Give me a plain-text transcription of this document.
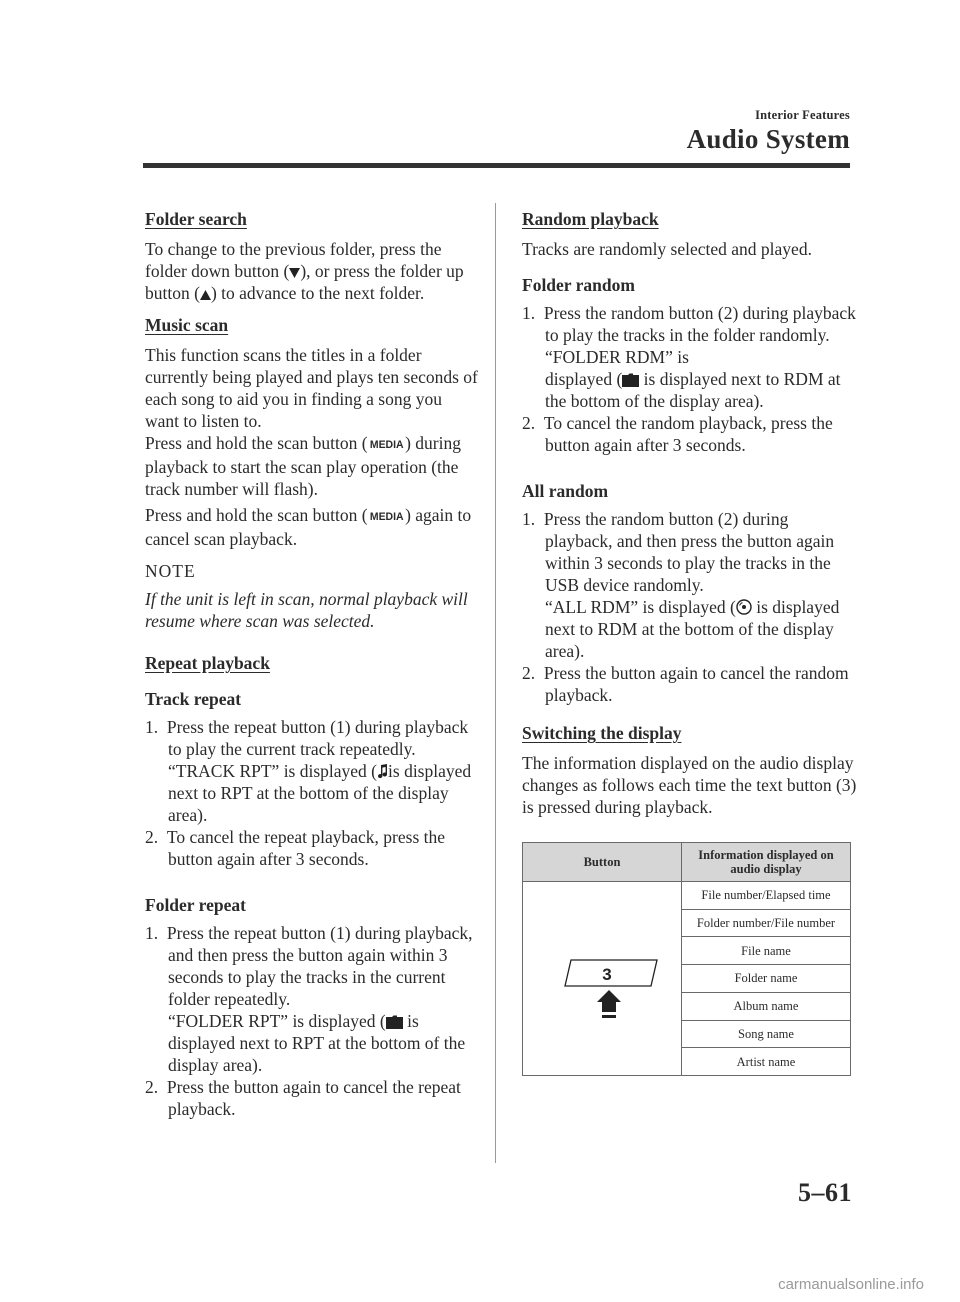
Interior Features
Audio System
Folder search

To change to the previous folder, press the folder down button ( ), or press the folder up button ( ) to advance to the next folder.

Music scan

This function scans the titles in a folder currently being played and plays ten seconds of each song to aid you in finding a song you want to listen to.

Press and hold the scan button ( MEDIA ) during playback to start the scan play operation (the track number will flash).

Press and hold the scan button ( MEDIA ) again to cancel scan playback.

NOTE
If the unit is left in scan, normal playback will resume where scan was selected.
Repeat playback
Track repeat
1. Press the repeat button (1) during playback to play the current track repeatedly. “TRACK RPT” is displayed ( is displayed next to RPT at the bottom of the display area).
2. To cancel the repeat playback, press the button again after 3 seconds.
Folder repeat
1. Press the repeat button (1) during playback, and then press the button again within 3 seconds to play the tracks in the current folder repeatedly.
“FOLDER RPT” is displayed ( is displayed next to RPT at the bottom of the display area).
2. Press the button again to cancel the repeat playback.
Random playback

Tracks are randomly selected and played.

Folder random
1. Press the random button (2) during playback to play the tracks in the folder randomly. “FOLDER RDM” is
displayed ( is displayed next to RDM at the bottom of the display area).
2. To cancel the random playback, press the button again after 3 seconds.
All random
1. Press the random button (2) during playback, and then press the button again within 3 seconds to play the tracks in the USB device randomly.
“ALL RDM” is displayed ( is displayed next to RDM at the bottom of the display area).
2. Press the button again to cancel the random playback.
Switching the display

The information displayed on the audio display changes as follows each time the text button (3) is pressed during playback.

Button	Information displayed on audio display

3	File number/Elapsed time
	Folder number/File number
	File name
	Folder name
	Album name
	Song name
	Artist name
5–61
carmanualsonline.info
